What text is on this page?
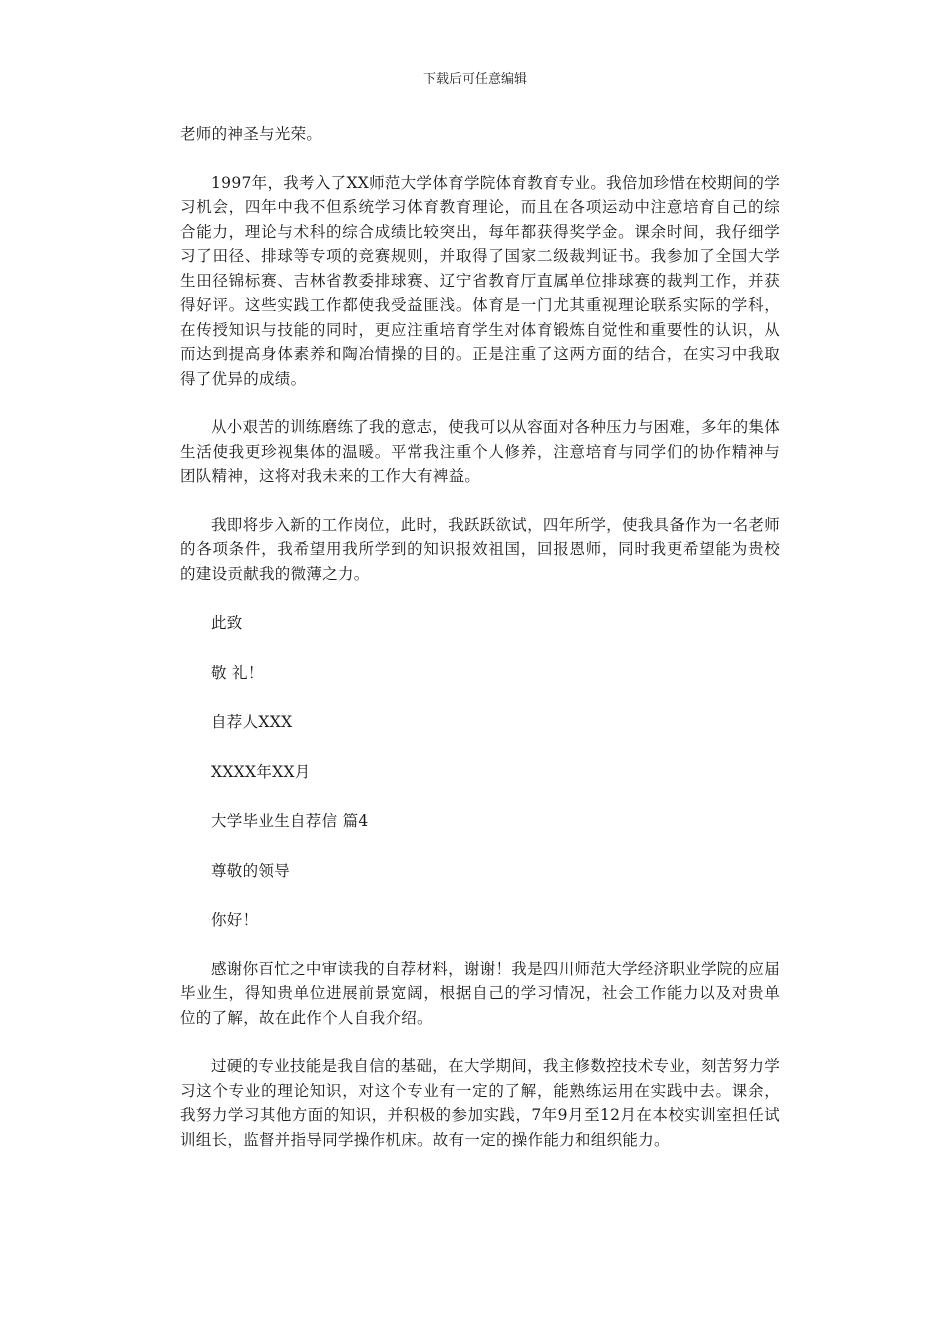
下载后可任意编辑

老师的神圣与光荣。

1997年，我考入了XX师范大学体育学院体育教育专业。我倍加珍惜在校期间的学习机会，四年中我不但系统学习体育教育理论，而且在各项运动中注意培育自己的综合能力，理论与术科的综合成绩比较突出，每年都获得奖学金。课余时间，我仔细学习了田径、排球等专项的竞赛规则，并取得了国家二级裁判证书。我参加了全国大学生田径锦标赛、吉林省教委排球赛、辽宁省教育厅直属单位排球赛的裁判工作，并获得好评。这些实践工作都使我受益匪浅。体育是一门尤其重视理论联系实际的学科，在传授知识与技能的同时，更应注重培育学生对体育锻炼自觉性和重要性的认识，从而达到提高身体素养和陶冶情操的目的。正是注重了这两方面的结合，在实习中我取得了优异的成绩。

从小艰苦的训练磨练了我的意志，使我可以从容面对各种压力与困难，多年的集体生活使我更珍视集体的温暖。平常我注重个人修养，注意培育与同学们的协作精神与团队精神，这将对我未来的工作大有裨益。

我即将步入新的工作岗位，此时，我跃跃欲试，四年所学，使我具备作为一名老师的各项条件，我希望用我所学到的知识报效祖国，回报恩师，同时我更希望能为贵校的建设贡献我的微薄之力。

此致

敬 礼！

自荐人XXX

XXXX年XX月

大学毕业生自荐信 篇4

尊敬的领导

你好！

感谢你百忙之中审读我的自荐材料，谢谢！我是四川师范大学经济职业学院的应届毕业生，得知贵单位进展前景宽阔，根据自己的学习情况，社会工作能力以及对贵单位的了解，故在此作个人自我介绍。

过硬的专业技能是我自信的基础，在大学期间，我主修数控技术专业，刻苦努力学习这个专业的理论知识，对这个专业有一定的了解，能熟练运用在实践中去。课余，我努力学习其他方面的知识，并积极的参加实践，7年9月至12月在本校实训室担任试训组长，监督并指导同学操作机床。故有一定的操作能力和组织能力。
